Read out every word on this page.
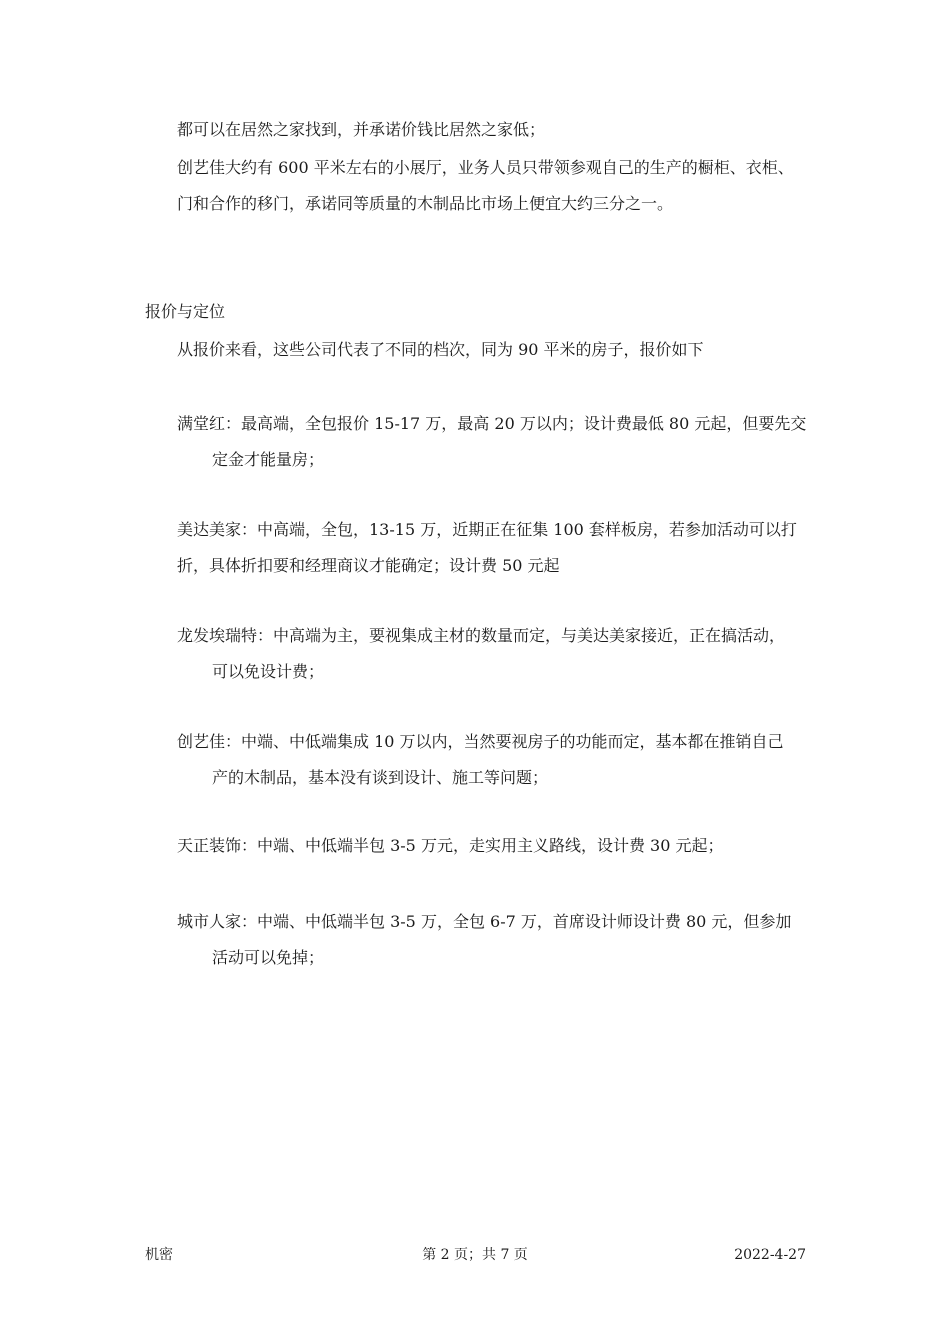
都可以在居然之家找到，并承诺价钱比居然之家低；

创艺佳大约有 600 平米左右的小展厅，业务人员只带领参观自己的生产的橱柜、衣柜、
门和合作的移门，承诺同等质量的木制品比市场上便宜大约三分之一。

报价与定位

从报价来看，这些公司代表了不同的档次，同为 90 平米的房子，报价如下

满堂红：最高端，全包报价 15-17 万，最高 20 万以内；设计费最低 80 元起，但要先交
定金才能量房；

美达美家：中高端，全包，13-15 万，近期正在征集 100 套样板房，若参加活动可以打
折，具体折扣要和经理商议才能确定；设计费 50 元起

龙发埃瑞特：中高端为主，要视集成主材的数量而定，与美达美家接近，正在搞活动，
可以免设计费；

创艺佳：中端、中低端集成 10 万以内，当然要视房子的功能而定，基本都在推销自己
产的木制品，基本没有谈到设计、施工等问题；

天正装饰：中端、中低端半包 3-5 万元，走实用主义路线，设计费 30 元起；

城市人家：中端、中低端半包 3-5 万，全包 6-7 万，首席设计师设计费 80 元，但参加
活动可以免掉；

机密	第 2 页；共 7 页	2022-4-27
